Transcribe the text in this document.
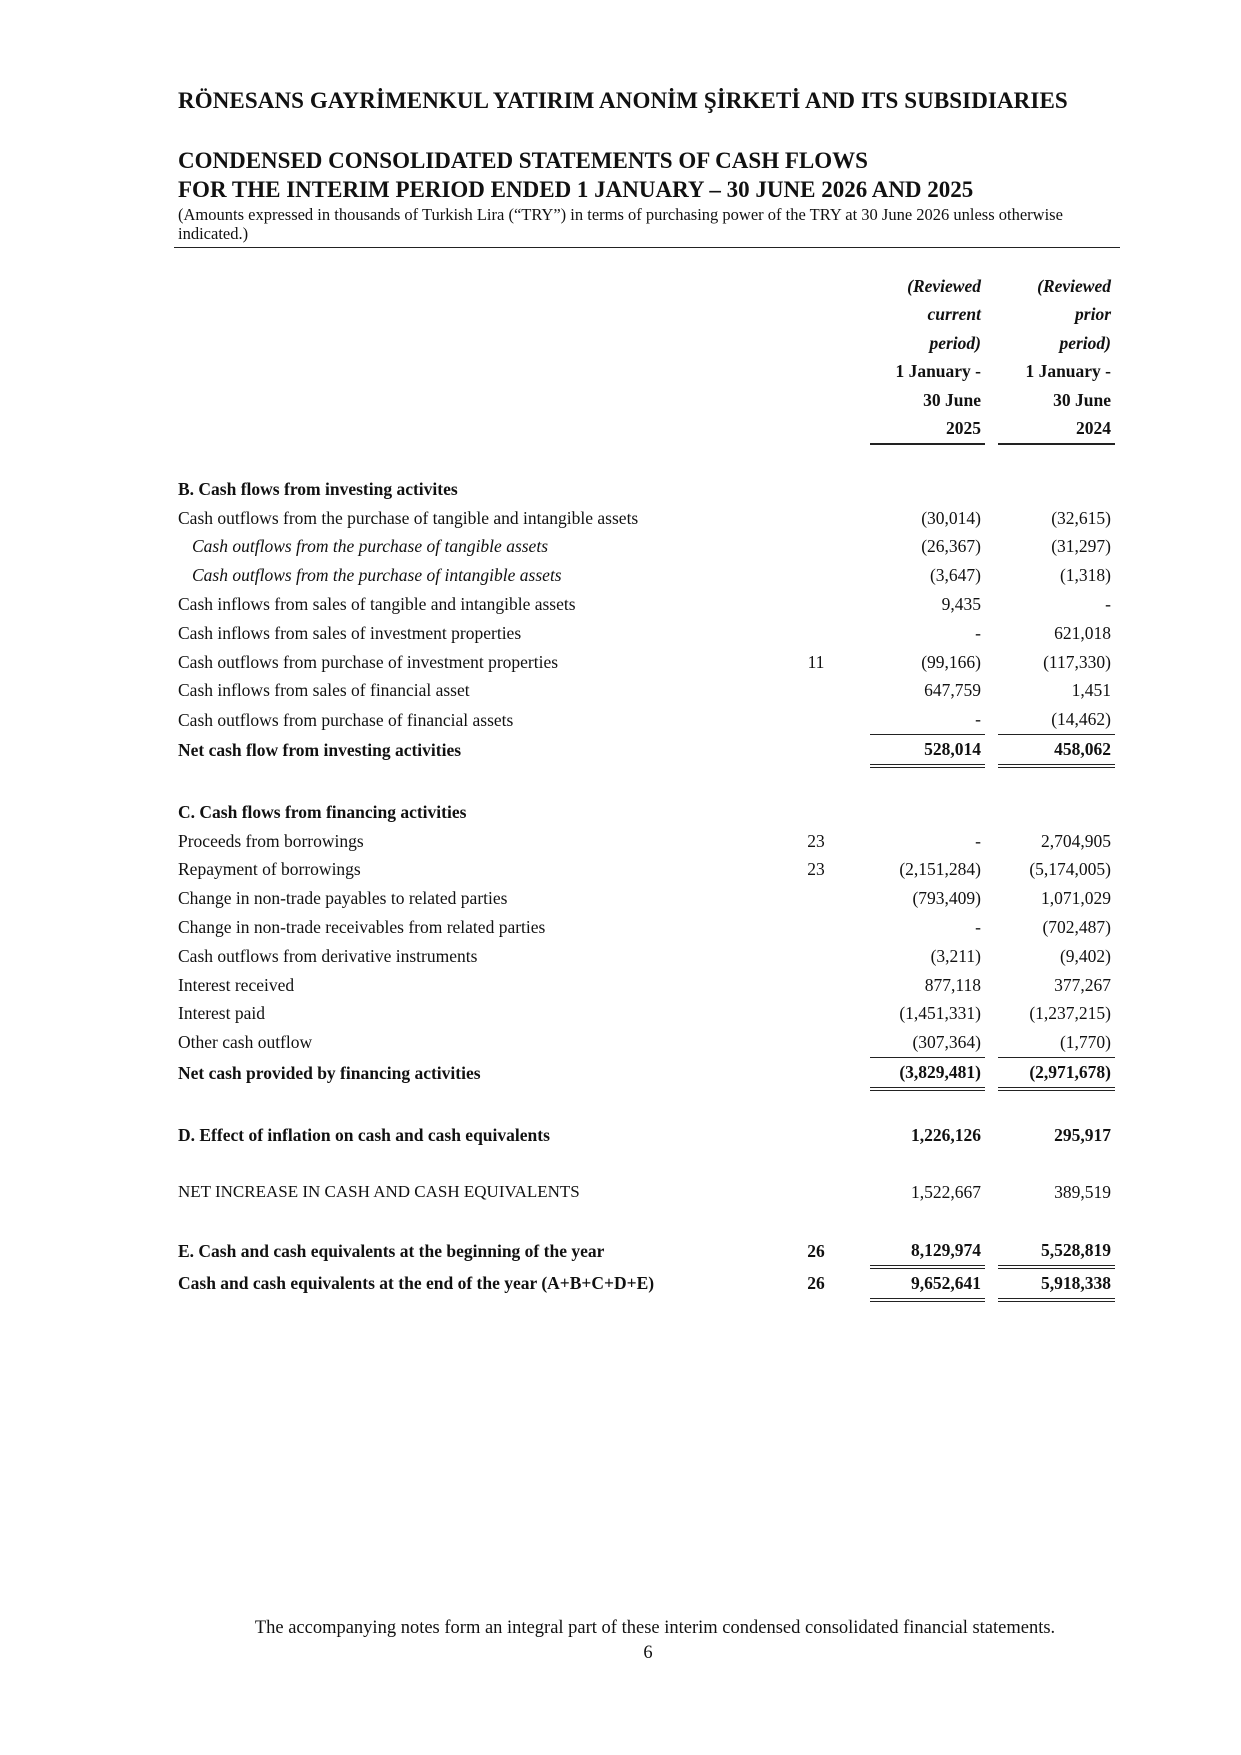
RÖNESANS GAYRİMENKUL YATIRIM ANONİM ŞİRKETİ AND ITS SUBSIDIARIES
CONDENSED CONSOLIDATED STATEMENTS OF CASH FLOWS
FOR THE INTERIM PERIOD ENDED 1 JANUARY – 30 JUNE 2026 AND 2025
(Amounts expressed in thousands of Turkish Lira (“TRY”) in terms of purchasing power of the TRY at 30 June 2026 unless otherwise indicated.)
			(Reviewed		(Reviewed
			current		prior
			period)		period)
			1 January -		1 January -
			30 June		30 June
			2025		2024

B. Cash flows from investing activites					
Cash outflows from the purchase of tangible and intangible assets			(30,014)		(32,615)
Cash outflows from the purchase of tangible assets			(26,367)		(31,297)
Cash outflows from the purchase of intangible assets			(3,647)		(1,318)
Cash inflows from sales of tangible and intangible assets			9,435		-
Cash inflows from sales of investment properties			-		621,018
Cash outflows from purchase of investment properties	11		(99,166)		(117,330)
Cash inflows from sales of financial asset			647,759		1,451
Cash outflows from purchase of financial assets			-		(14,462)
Net cash flow from investing activities			528,014		458,062

C. Cash flows from financing activities					
Proceeds from borrowings	23		-		2,704,905
Repayment of borrowings	23		(2,151,284)		(5,174,005)
Change in non-trade payables to related parties			(793,409)		1,071,029
Change in non-trade receivables from related parties			-		(702,487)
Cash outflows from derivative instruments			(3,211)		(9,402)
Interest received			877,118		377,267
Interest paid			(1,451,331)		(1,237,215)
Other cash outflow			(307,364)		(1,770)
Net cash provided by financing activities			(3,829,481)		(2,971,678)

D. Effect of inflation on cash and cash equivalents			1,226,126		295,917

NET INCREASE IN CASH AND CASH EQUIVALENTS			1,522,667		389,519

E. Cash and cash equivalents at the beginning of the year	26		8,129,974		5,528,819
Cash and cash equivalents at the end of the year (A+B+C+D+E)	26		9,652,641		5,918,338
The accompanying notes form an integral part of these interim condensed consolidated financial statements.
6
